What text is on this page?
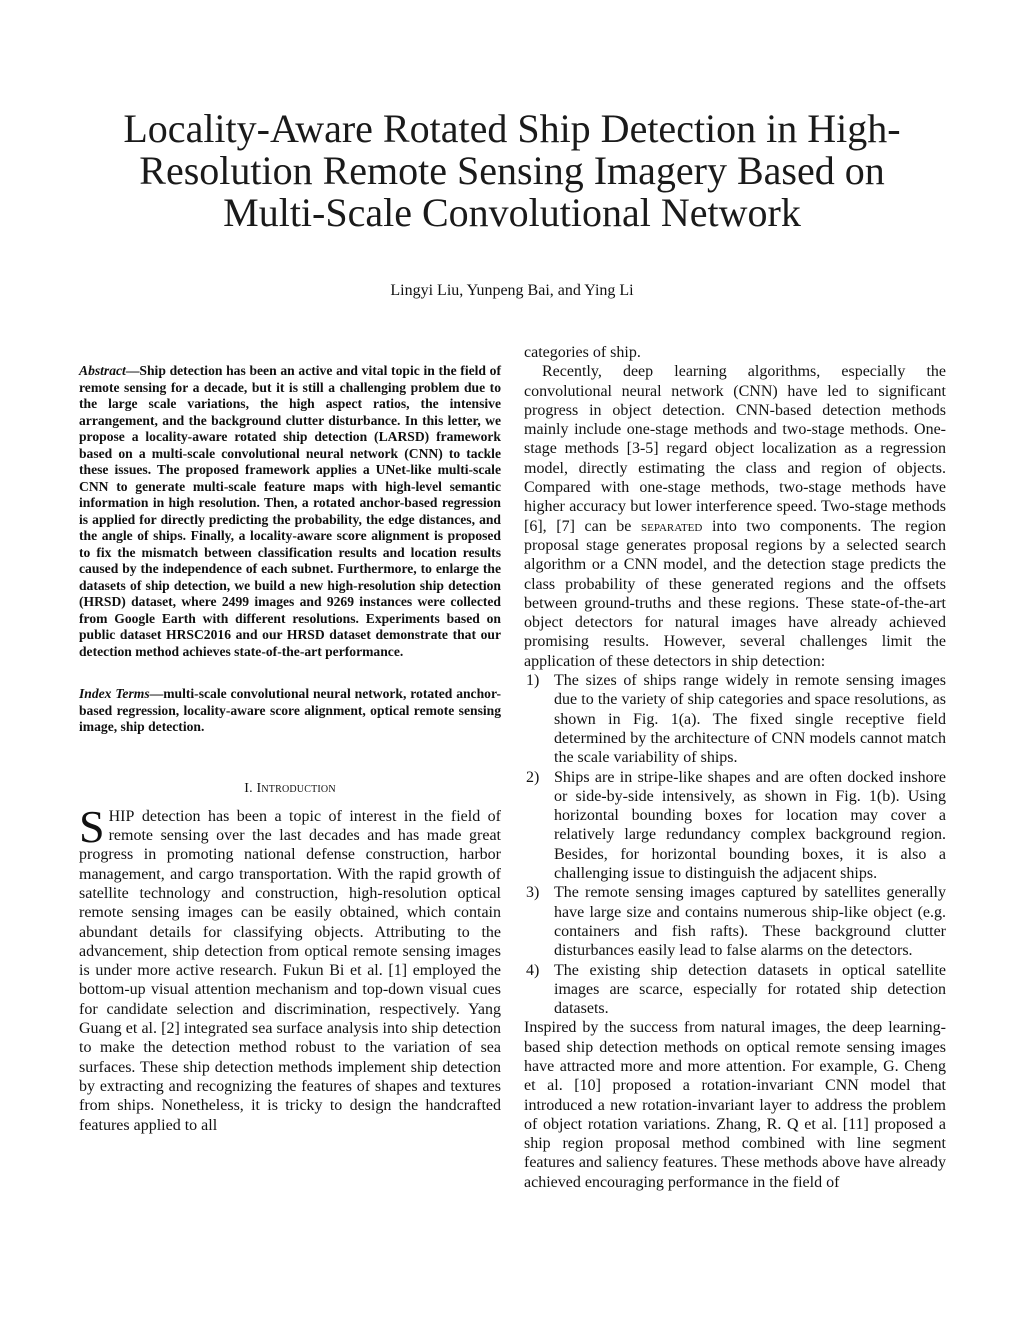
Locality-Aware Rotated Ship Detection in High-Resolution Remote Sensing Imagery Based on Multi-Scale Convolutional Network
Lingyi Liu, Yunpeng Bai, and Ying Li
Abstract—Ship detection has been an active and vital topic in the field of remote sensing for a decade, but it is still a challenging problem due to the large scale variations, the high aspect ratios, the intensive arrangement, and the background clutter disturbance. In this letter, we propose a locality-aware rotated ship detection (LARSD) framework based on a multi-scale convolutional neural network (CNN) to tackle these issues. The proposed framework applies a UNet-like multi-scale CNN to generate multi-scale feature maps with high-level semantic information in high resolution. Then, a rotated anchor-based regression is applied for directly predicting the probability, the edge distances, and the angle of ships. Finally, a locality-aware score alignment is proposed to fix the mismatch between classification results and location results caused by the independence of each subnet. Furthermore, to enlarge the datasets of ship detection, we build a new high-resolution ship detection (HRSD) dataset, where 2499 images and 9269 instances were collected from Google Earth with different resolutions. Experiments based on public dataset HRSC2016 and our HRSD dataset demonstrate that our detection method achieves state-of-the-art performance.
Index Terms—multi-scale convolutional neural network, rotated anchor-based regression, locality-aware score alignment, optical remote sensing image, ship detection.
I. Introduction

SHIP detection has been a topic of interest in the field of remote sensing over the last decades and has made great progress in promoting national defense construction, harbor management, and cargo transportation. With the rapid growth of satellite technology and construction, high-resolution optical remote sensing images can be easily obtained, which contain abundant details for classifying objects. Attributing to the advancement, ship detection from optical remote sensing images is under more active research. Fukun Bi et al. [1] employed the bottom-up visual attention mechanism and top-down visual cues for candidate selection and discrimination, respectively. Yang Guang et al. [2] integrated sea surface analysis into ship detection to make the detection method robust to the variation of sea surfaces. These ship detection methods implement ship detection by extracting and recognizing the features of shapes and textures from ships. Nonetheless, it is tricky to design the handcrafted features applied to all

categories of ship.

Recently, deep learning algorithms, especially the convolutional neural network (CNN) have led to significant progress in object detection. CNN-based detection methods mainly include one-stage methods and two-stage methods. One-stage methods [3-5] regard object localization as a regression model, directly estimating the class and region of objects. Compared with one-stage methods, two-stage methods have higher accuracy but lower interference speed. Two-stage methods [6], [7] can be separated into two components. The region proposal stage generates proposal regions by a selected search algorithm or a CNN model, and the detection stage predicts the class probability of these generated regions and the offsets between ground-truths and these regions. These state-of-the-art object detectors for natural images have already achieved promising results. However, several challenges limit the application of these detectors in ship detection:

1) The sizes of ships range widely in remote sensing images due to the variety of ship categories and space resolutions, as shown in Fig. 1(a). The fixed single receptive field determined by the architecture of CNN models cannot match the scale variability of ships.
2) Ships are in stripe-like shapes and are often docked inshore or side-by-side intensively, as shown in Fig. 1(b). Using horizontal bounding boxes for location may cover a relatively large redundancy complex background region. Besides, for horizontal bounding boxes, it is also a challenging issue to distinguish the adjacent ships.
3) The remote sensing images captured by satellites generally have large size and contains numerous ship-like object (e.g. containers and fish rafts). These background clutter disturbances easily lead to false alarms on the detectors.
4) The existing ship detection datasets in optical satellite images are scarce, especially for rotated ship detection datasets.

Inspired by the success from natural images, the deep learning-based ship detection methods on optical remote sensing images have attracted more and more attention. For example, G. Cheng et al. [10] proposed a rotation-invariant CNN model that introduced a new rotation-invariant layer to address the problem of object rotation variations. Zhang, R. Q et al. [11] proposed a ship region proposal method combined with line segment features and saliency features. These methods above have already achieved encouraging performance in the field of
